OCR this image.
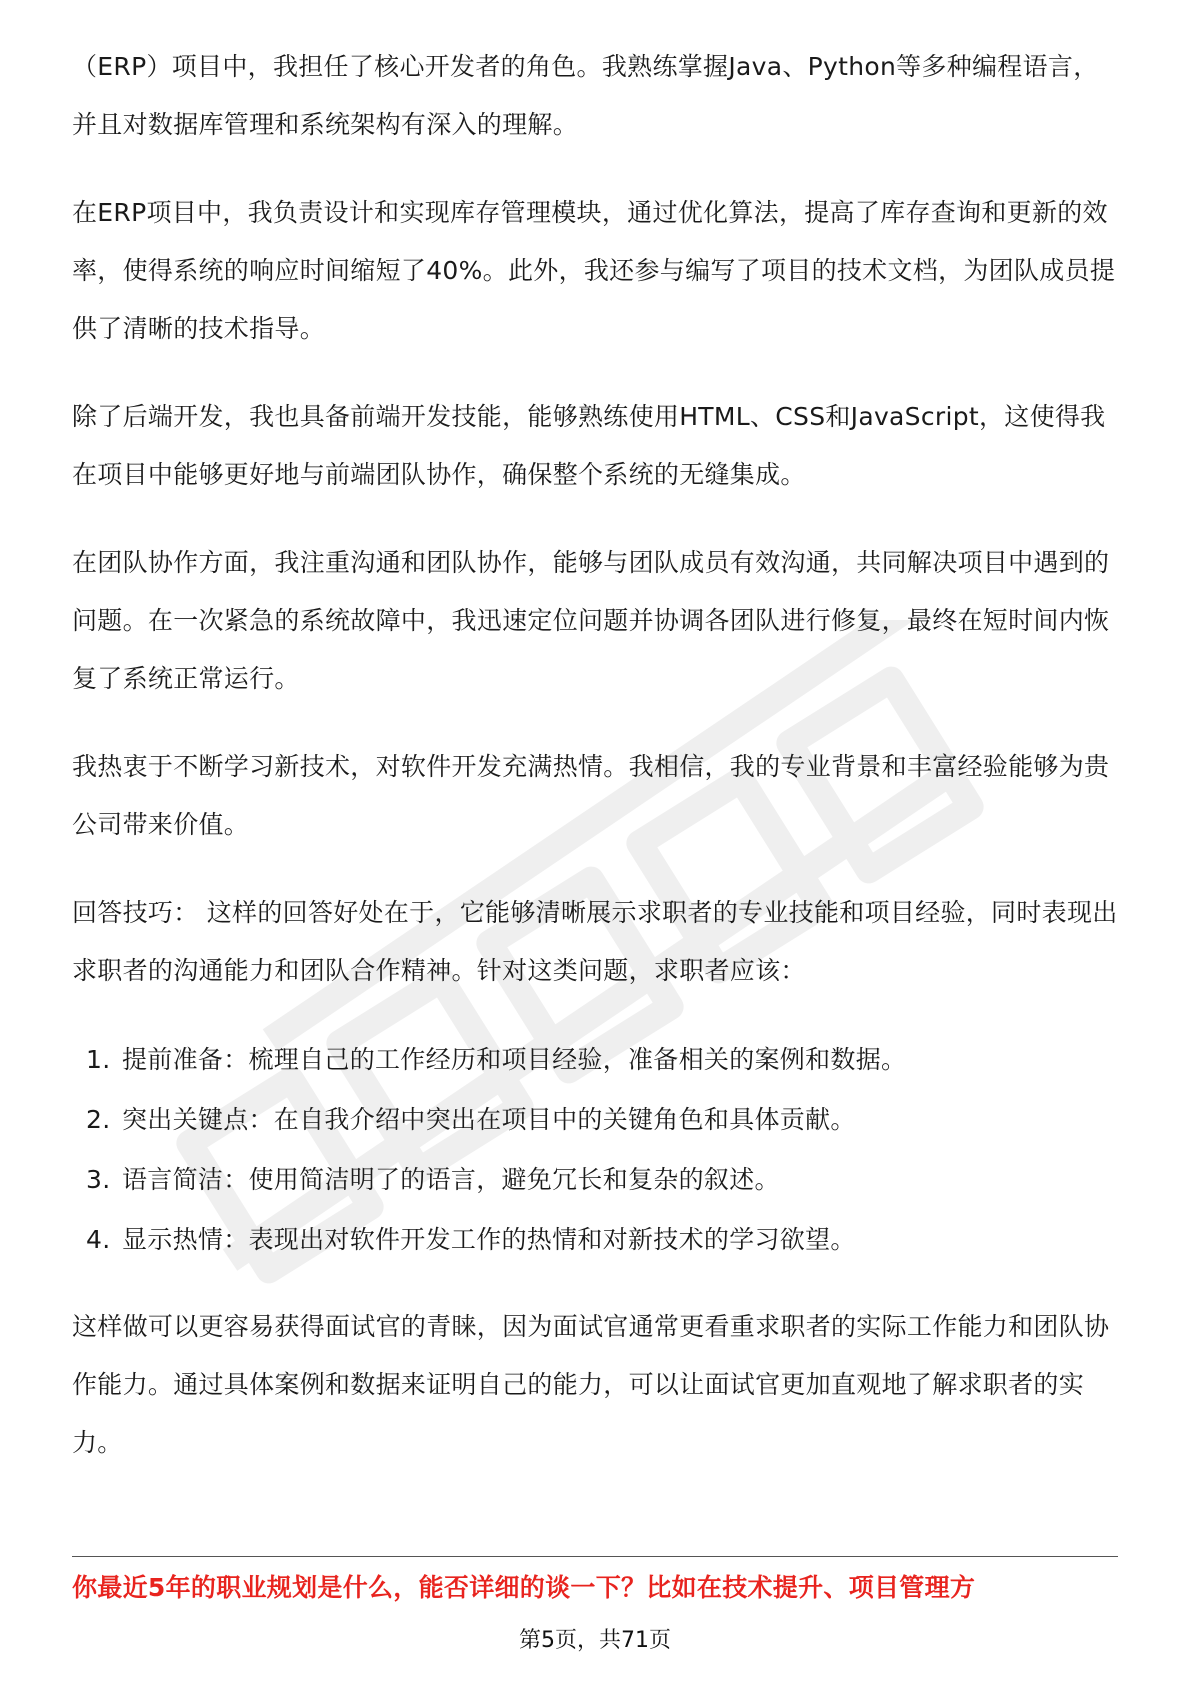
（ERP）项目中，我担任了核心开发者的角色。我熟练掌握Java、Python等多种编程语言，并且对数据库管理和系统架构有深入的理解。

在ERP项目中，我负责设计和实现库存管理模块，通过优化算法，提高了库存查询和更新的效率，使得系统的响应时间缩短了40%。此外，我还参与编写了项目的技术文档，为团队成员提供了清晰的技术指导。

除了后端开发，我也具备前端开发技能，能够熟练使用HTML、CSS和JavaScript，这使得我在项目中能够更好地与前端团队协作，确保整个系统的无缝集成。

在团队协作方面，我注重沟通和团队协作，能够与团队成员有效沟通，共同解决项目中遇到的问题。在一次紧急的系统故障中，我迅速定位问题并协调各团队进行修复，最终在短时间内恢复了系统正常运行。

我热衷于不断学习新技术，对软件开发充满热情。我相信，我的专业背景和丰富经验能够为贵公司带来价值。

回答技巧： 这样的回答好处在于，它能够清晰展示求职者的专业技能和项目经验，同时表现出求职者的沟通能力和团队合作精神。针对这类问题，求职者应该：

1. 提前准备：梳理自己的工作经历和项目经验，准备相关的案例和数据。
2. 突出关键点：在自我介绍中突出在项目中的关键角色和具体贡献。
3. 语言简洁：使用简洁明了的语言，避免冗长和复杂的叙述。
4. 显示热情：表现出对软件开发工作的热情和对新技术的学习欲望。

这样做可以更容易获得面试官的青睐，因为面试官通常更看重求职者的实际工作能力和团队协作能力。通过具体案例和数据来证明自己的能力，可以让面试官更加直观地了解求职者的实力。

你最近5年的职业规划是什么，能否详细的谈一下？比如在技术提升、项目管理方
第5页，共71页
